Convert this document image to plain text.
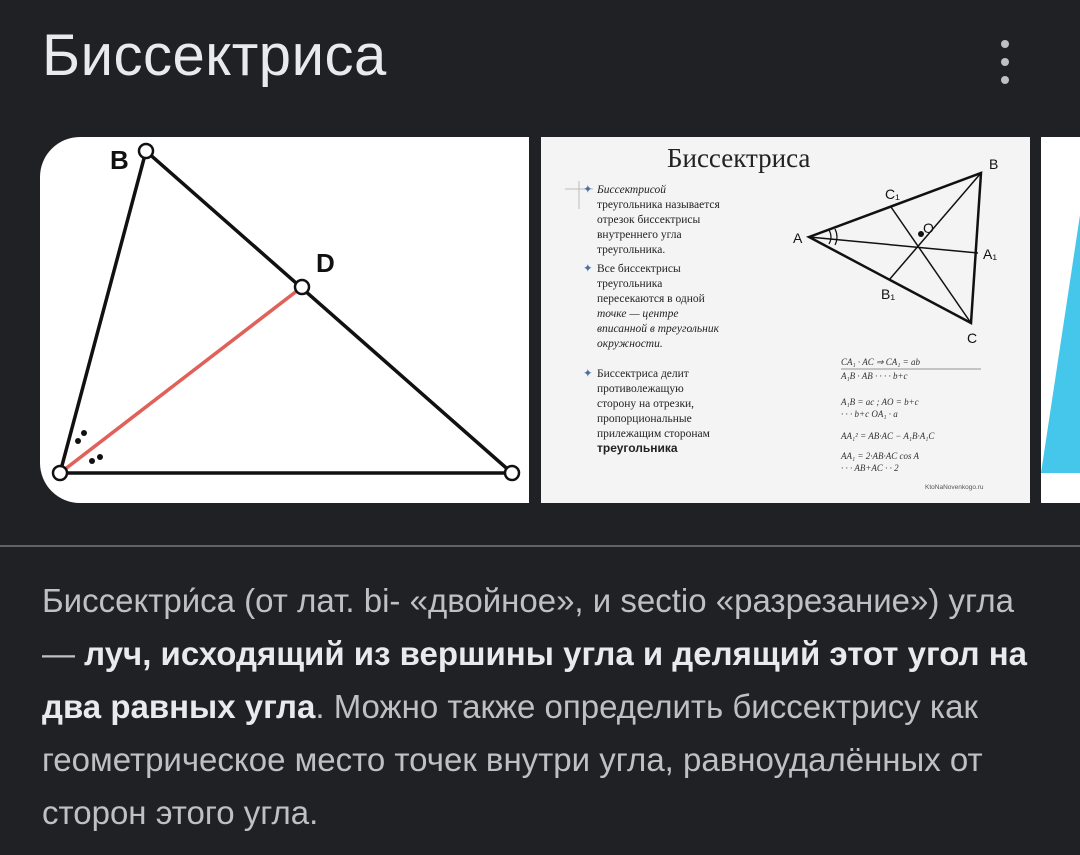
Биссектриса
B
D
Биссектриса
✦ Биссектрисой
треугольника называется
отрезок биссектрисы
внутреннего угла
треугольника.
✦ Все биссектрисы
треугольника
пересекаются в одной
точке — центре
вписанной в треугольник
окружности.
✦ Биссектриса делит
противолежащую
сторону на отрезки,
пропорциональные
прилежащим сторонам
треугольника
B
C₁
O
A
A₁
B₁
C
CA₁ · AC ⇒ CA₁ = ab
A₁B · AB · · · · b+c
A₁B = ac ; AO = b+c
· · · b+c OA₁ · a
AA₁² = AB·AC − A₁B·A₁C
AA₁ = 2·AB·AC cos A
· · · AB+AC · · 2
KtoNaNovenkogo.ru
Биссектри́са (от лат. bi- «двойное», и sectio «разрезание») угла — луч, исходящий из вершины угла и делящий этот угол на два равных угла. Можно также определить биссектрису как геометрическое место точек внутри угла, равноудалённых от сторон этого угла.
